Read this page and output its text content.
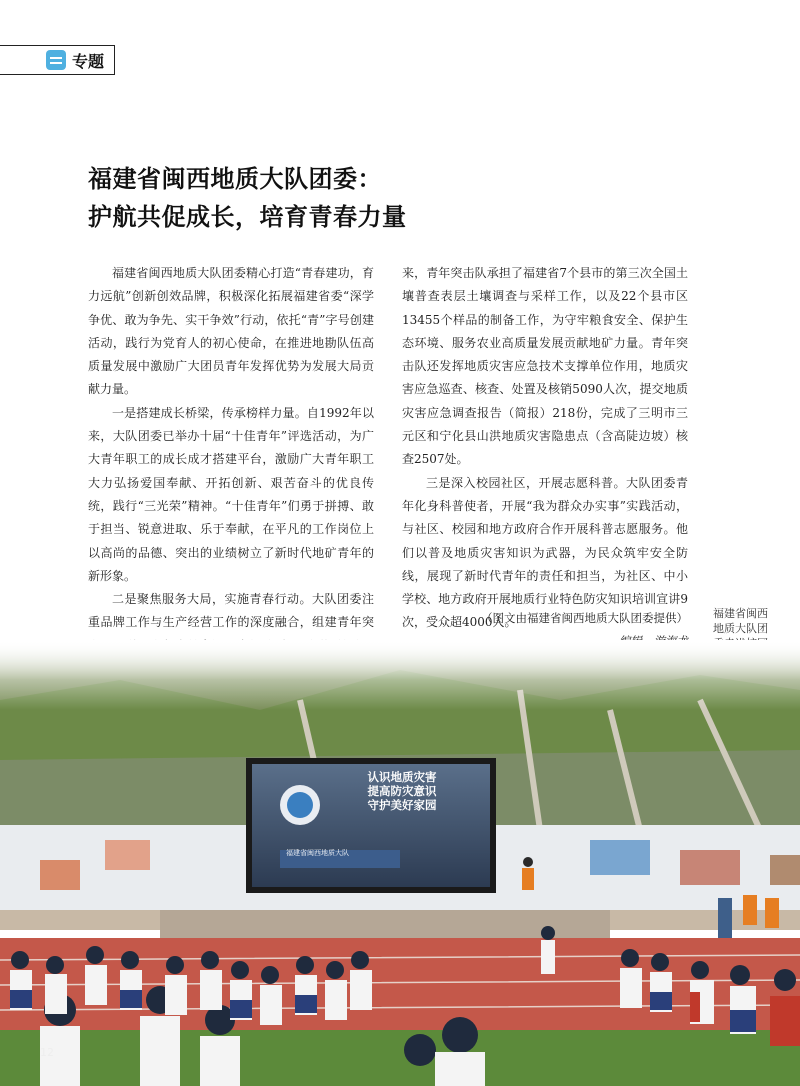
专题
福建省闽西地质大队团委：
护航共促成长，培育青春力量

福建省闽西地质大队团委精心打造“青春建功，育力远航”创新创效品牌，积极深化拓展福建省委“深学争优、敢为争先、实干争效”行动，依托“青”字号创建活动，践行为党育人的初心使命，在推进地勘队伍高质量发展中激励广大团员青年发挥优势为发展大局贡献力量。

一是搭建成长桥梁，传承榜样力量。自1992年以来，大队团委已举办十届“十佳青年”评选活动，为广大青年职工的成长成才搭建平台，激励广大青年职工大力弘扬爱国奉献、开拓创新、艰苦奋斗的优良传统，践行“三光荣”精神。“十佳青年”们勇于拼搏、敢于担当、锐意进取、乐于奉献，在平凡的工作岗位上以高尚的品德、突出的业绩树立了新时代地矿青年的新形象。

二是聚焦服务大局，实施青春行动。大队团委注重品牌工作与生产经营工作的深度融合，组建青年突

来，青年突击队承担了福建省7个县市的第三次全国土壤普查表层土壤调查与采样工作，以及22个县市区13455个样品的制备工作，为守牢粮食安全、保护生态环境、服务农业高质量发展贡献地矿力量。青年突击队还发挥地质灾害应急技术支撑单位作用，地质灾害应急巡查、核查、处置及核销5090人次，提交地质灾害应急调查报告（简报）218份，完成了三明市三元区和宁化县山洪地质灾害隐患点（含高陡边坡）核查2507处。

三是深入校园社区，开展志愿科普。大队团委青年化身科普使者，开展“我为群众办实事”实践活动，与社区、校园和地方政府合作开展科普志愿服务。他们以普及地质灾害知识为武器，为民众筑牢安全防线，展现了新时代青年的责任和担当，为社区、中小学校、地方政府开展地质行业特色防灾知识培训宣讲9次，受众超4000人。

（图文由福建省闽西地质大队团委提供）	福建省闽西地质大队团
认识地质灾害
提高防灾意识
守护美好家园
福建省闽西地质大队
12
